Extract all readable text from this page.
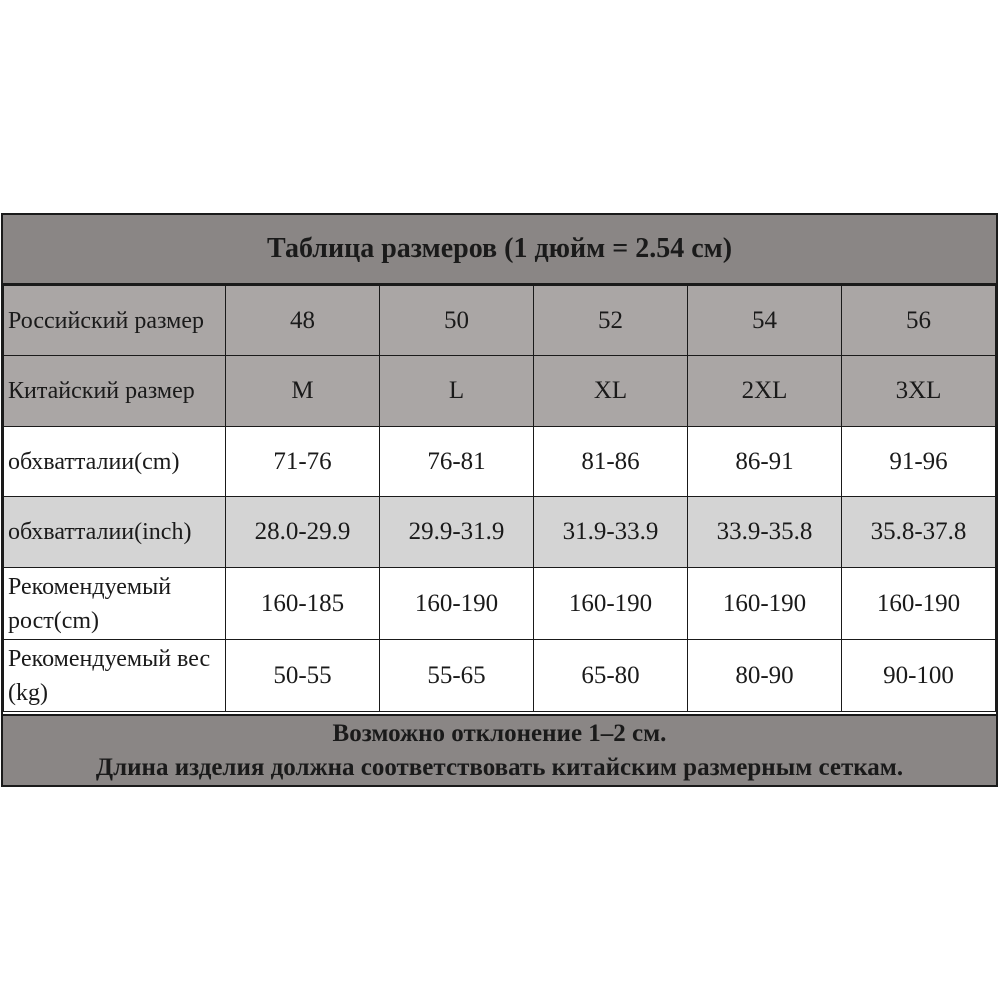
Таблица размеров (1 дюйм = 2.54 см)
Российский размер	48	50	52	54	56
Китайский размер	M	L	XL	2XL	3XL
обхватталии(cm)	71-76	76-81	81-86	86-91	91-96
обхватталии(inch)	28.0-29.9	29.9-31.9	31.9-33.9	33.9-35.8	35.8-37.8
Рекомендуемый рост(cm)	160-185	160-190	160-190	160-190	160-190
Рекомендуемый вес (kg)	50-55	55-65	65-80	80-90	90-100
Возможно отклонение 1–2 см.
Длина изделия должна соответствовать китайским размерным сеткам.
